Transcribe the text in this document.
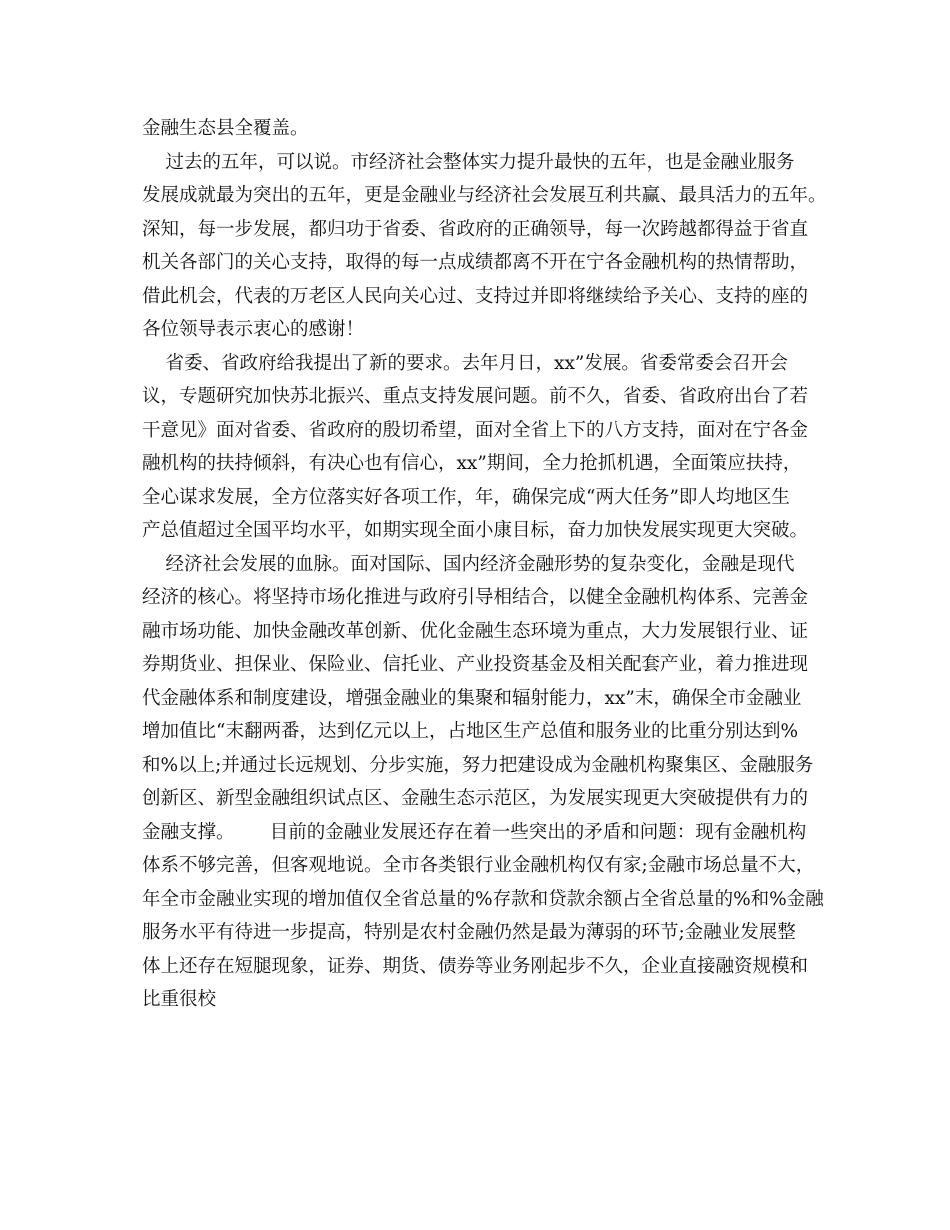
金融生态县全覆盖。
过去的五年，可以说。市经济社会整体实力提升最快的五年，也是金融业服务
发展成就最为突出的五年，更是金融业与经济社会发展互利共赢、最具活力的五年。
深知，每一步发展，都归功于省委、省政府的正确领导，每一次跨越都得益于省直
机关各部门的关心支持，取得的每一点成绩都离不开在宁各金融机构的热情帮助，
借此机会，代表的万老区人民向关心过、支持过并即将继续给予关心、支持的座的
各位领导表示衷心的感谢！
省委、省政府给我提出了新的要求。去年月日，xx”发展。省委常委会召开会
议，专题研究加快苏北振兴、重点支持发展问题。前不久，省委、省政府出台了若
干意见》面对省委、省政府的殷切希望，面对全省上下的八方支持，面对在宁各金
融机构的扶持倾斜，有决心也有信心，xx”期间，全力抢抓机遇，全面策应扶持，
全心谋求发展，全方位落实好各项工作，年，确保完成“两大任务”即人均地区生
产总值超过全国平均水平，如期实现全面小康目标，奋力加快发展实现更大突破。
经济社会发展的血脉。面对国际、国内经济金融形势的复杂变化，金融是现代
经济的核心。将坚持市场化推进与政府引导相结合，以健全金融机构体系、完善金
融市场功能、加快金融改革创新、优化金融生态环境为重点，大力发展银行业、证
券期货业、担保业、保险业、信托业、产业投资基金及相关配套产业，着力推进现
代金融体系和制度建设，增强金融业的集聚和辐射能力，xx”末，确保全市金融业
增加值比“末翻两番，达到亿元以上，占地区生产总值和服务业的比重分别达到%
和%以上;并通过长远规划、分步实施，努力把建设成为金融机构聚集区、金融服务
创新区、新型金融组织试点区、金融生态示范区，为发展实现更大突破提供有力的
金融支撑。      目前的金融业发展还存在着一些突出的矛盾和问题：现有金融机构
体系不够完善，但客观地说。全市各类银行业金融机构仅有家;金融市场总量不大，
年全市金融业实现的增加值仅全省总量的%存款和贷款余额占全省总量的%和%金融
服务水平有待进一步提高，特别是农村金融仍然是最为薄弱的环节;金融业发展整
体上还存在短腿现象，证券、期货、债券等业务刚起步不久，企业直接融资规模和
比重很校
